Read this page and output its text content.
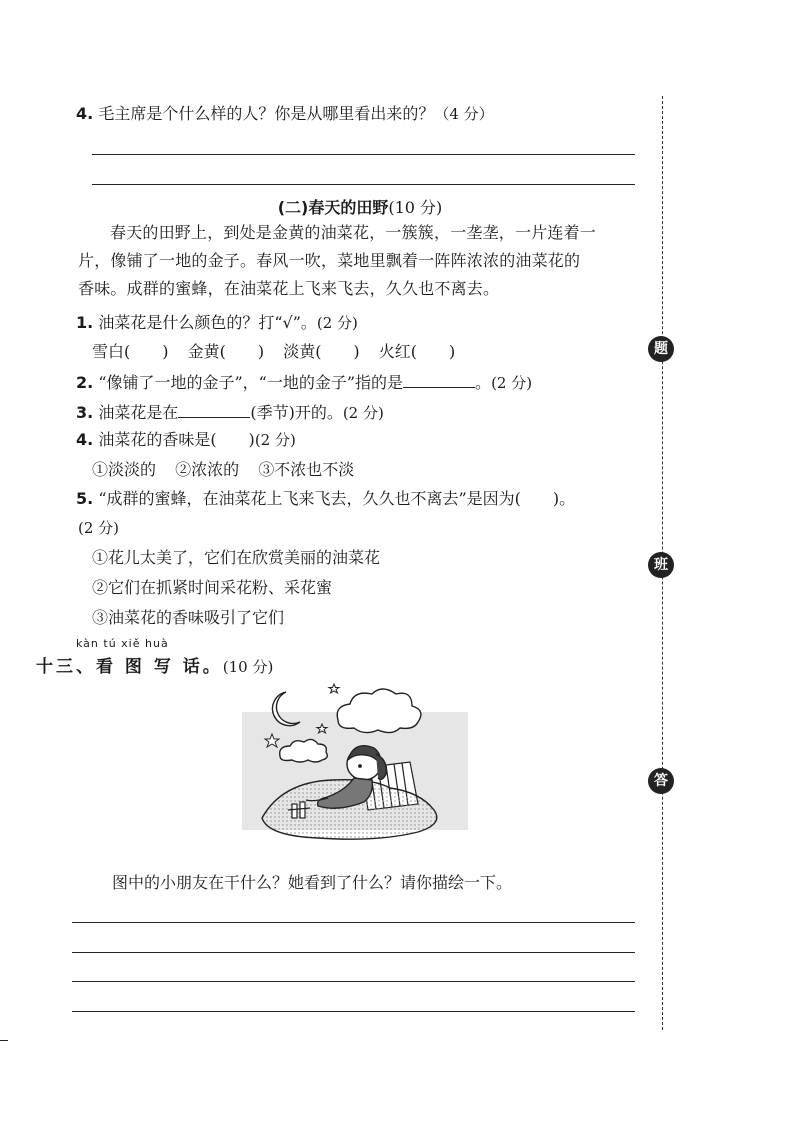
题
班
答
4. 毛主席是个什么样的人？你是从哪里看出来的？（4 分）
(二)春天的田野(10 分)
春天的田野上，到处是金黄的油菜花，一簇簇，一垄垄，一片连着一
片，像铺了一地的金子。春风一吹，菜地里飘着一阵阵浓浓的油菜花的
香味。成群的蜜蜂，在油菜花上飞来飞去，久久也不离去。
1. 油菜花是什么颜色的？打“√”。(2 分)
雪白(　　) 金黄(　　) 淡黄(　　) 火红(　　)
2. “像铺了一地的金子”，“一地的金子”指的是	。(2 分)
3. 油菜花是在	(季节)开的。(2 分)
4. 油菜花的香味是(　　)(2 分)
①淡淡的 ②浓浓的 ③不浓也不淡
5. “成群的蜜蜂，在油菜花上飞来飞去，久久也不离去”是因为(　　)。
(2 分)
①花儿太美了，它们在欣赏美丽的油菜花
②它们在抓紧时间采花粉、采花蜜
③油菜花的香味吸引了它们
kàn tú xiě huà
十三、看 图 写 话。(10 分)
图中的小朋友在干什么？她看到了什么？请你描绘一下。
